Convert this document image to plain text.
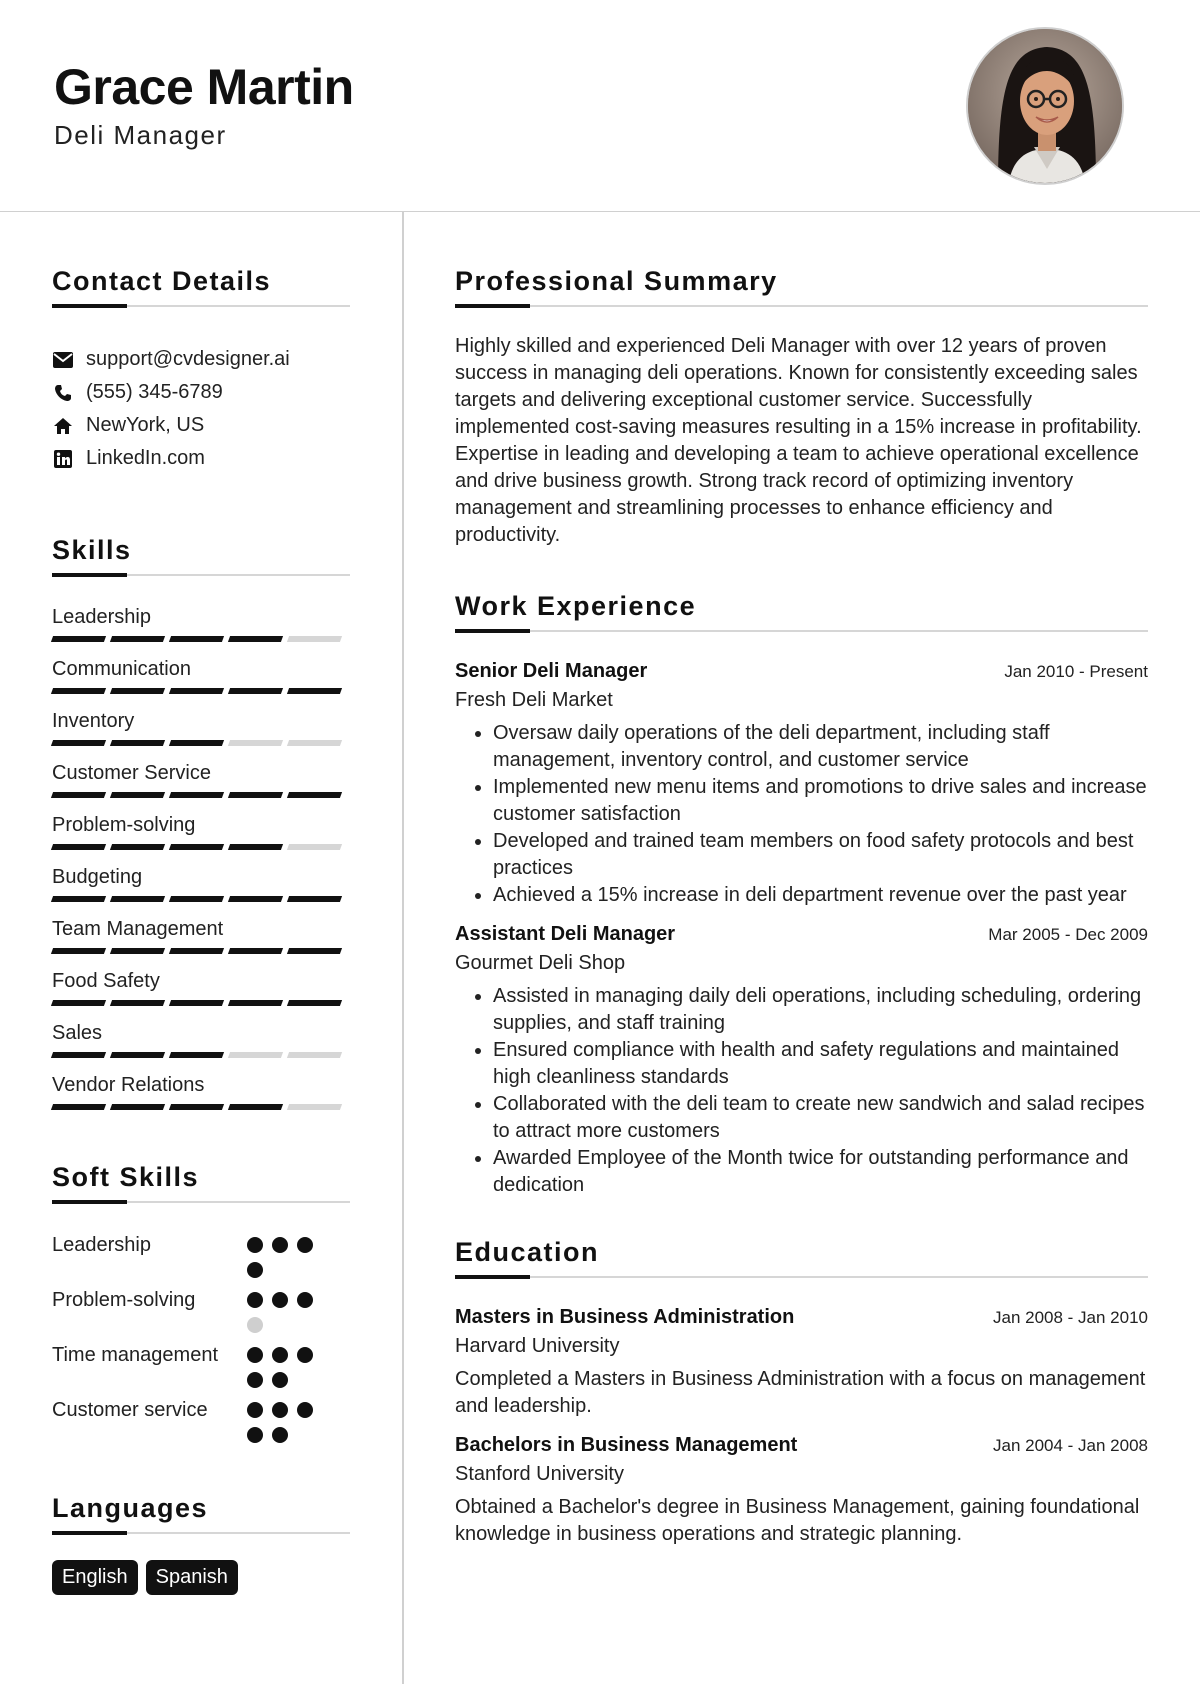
Grace Martin
Deli Manager
Contact Details
support@cvdesigner.ai
(555) 345-6789
NewYork, US
LinkedIn.com
Skills
Leadership
Communication
Inventory
Customer Service
Problem-solving
Budgeting
Team Management
Food Safety
Sales
Vendor Relations
Soft Skills
Leadership
Problem-solving
Time management
Customer service
Languages
English	Spanish
Professional Summary

Highly skilled and experienced Deli Manager with over 12 years of proven success in managing deli operations. Known for consistently exceeding sales targets and delivering exceptional customer service. Successfully implemented cost-saving measures resulting in a 15% increase in profitability. Expertise in leading and developing a team to achieve operational excellence and drive business growth. Strong track record of optimizing inventory management and streamlining processes to enhance efficiency and productivity.

Work Experience
Senior Deli Manager	Jan 2010 - Present
Fresh Deli Market
• Oversaw daily operations of the deli department, including staff management, inventory control, and customer service
• Implemented new menu items and promotions to drive sales and increase customer satisfaction
• Developed and trained team members on food safety protocols and best practices
• Achieved a 15% increase in deli department revenue over the past year
Assistant Deli Manager	Mar 2005 - Dec 2009
Gourmet Deli Shop
• Assisted in managing daily deli operations, including scheduling, ordering supplies, and staff training
• Ensured compliance with health and safety regulations and maintained high cleanliness standards
• Collaborated with the deli team to create new sandwich and salad recipes to attract more customers
• Awarded Employee of the Month twice for outstanding performance and dedication
Education
Masters in Business Administration	Jan 2008 - Jan 2010
Harvard University

Completed a Masters in Business Administration with a focus on management and leadership.

Bachelors in Business Management	Jan 2004 - Jan 2008
Stanford University

Obtained a Bachelor's degree in Business Management, gaining foundational knowledge in business operations and strategic planning.
